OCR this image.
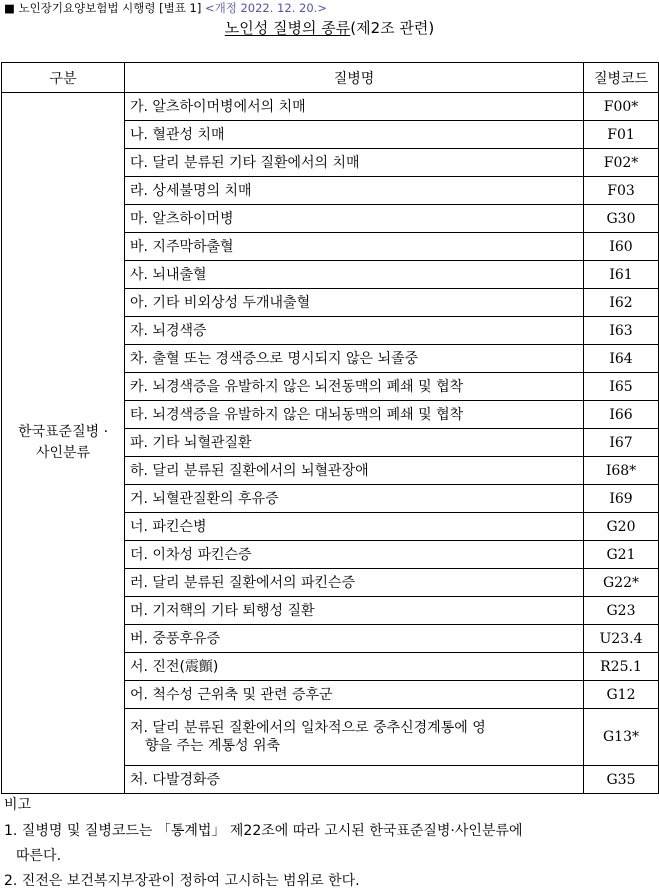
■ 노인장기요양보험법 시행령 [별표 1] <개정 2022. 12. 20.>
노인성 질병의 종류(제2조 관련)
구분	질병명	질병코드
한국표준질병 ·
사인분류	가. 알츠하이머병에서의 치매	F00*
	나. 혈관성 치매	F01
	다. 달리 분류된 기타 질환에서의 치매	F02*
	라. 상세불명의 치매	F03
	마. 알츠하이머병	G30
	바. 지주막하출혈	I60
	사. 뇌내출혈	I61
	아. 기타 비외상성 두개내출혈	I62
	자. 뇌경색증	I63
	차. 출혈 또는 경색증으로 명시되지 않은 뇌졸중	I64
	카. 뇌경색증을 유발하지 않은 뇌전동맥의 폐쇄 및 협착	I65
	타. 뇌경색증을 유발하지 않은 대뇌동맥의 폐쇄 및 협착	I66
	파. 기타 뇌혈관질환	I67
	하. 달리 분류된 질환에서의 뇌혈관장애	I68*
	거. 뇌혈관질환의 후유증	I69
	너. 파킨슨병	G20
	더. 이차성 파킨슨증	G21
	러. 달리 분류된 질환에서의 파킨슨증	G22*
	머. 기저핵의 기타 퇴행성 질환	G23
	버. 중풍후유증	U23.4
	서. 진전(震顫)	R25.1
	어. 척수성 근위축 및 관련 증후군	G12
	저. 달리 분류된 질환에서의 일차적으로 중추신경계통에 영
향을 주는 계통성 위축	G13*
	처. 다발경화증	G35
비고
1. 질병명 및 질병코드는 「통계법」 제22조에 따라 고시된 한국표준질병·사인분류에
따른다.
2. 진전은 보건복지부장관이 정하여 고시하는 범위로 한다.
